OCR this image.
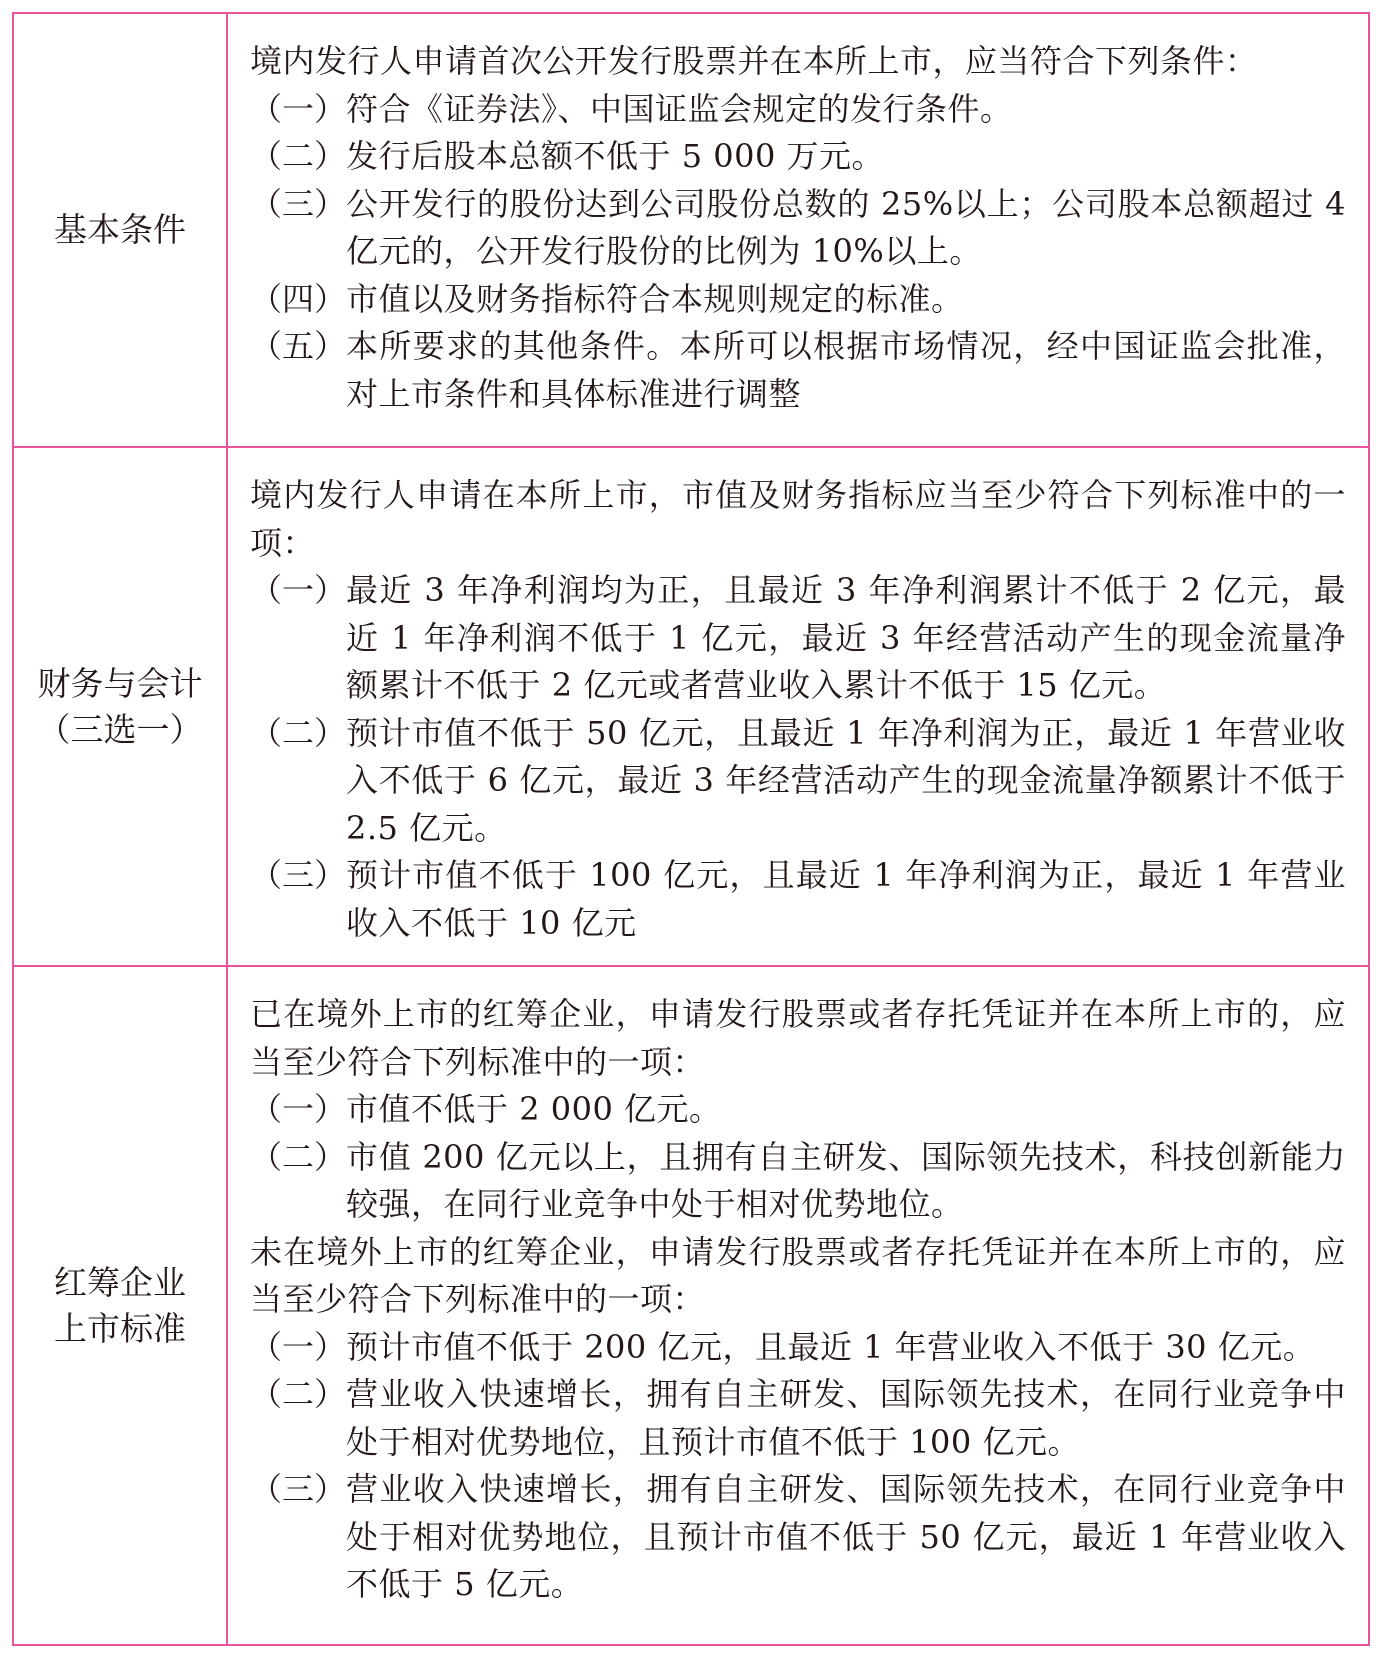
基本条件
境内发行人申请首次公开发行股票并在本所上市，应当符合下列条件：
（一） 符合《证券法》、中国证监会规定的发行条件。
（二） 发行后股本总额不低于 5 000 万元。
（三） 公开发行的股份达到公司股份总数的 25%以上；公司股本总额超过 4 亿元的，公开发行股份的比例为 10%以上。
（四） 市值以及财务指标符合本规则规定的标准。
（五） 本所要求的其他条件。本所可以根据市场情况，经中国证监会批准，对上市条件和具体标准进行调整
财务与会计
（三选一）
境内发行人申请在本所上市，市值及财务指标应当至少符合下列标准中的一项：
（一） 最近 3 年净利润均为正，且最近 3 年净利润累计不低于 2 亿元，最近 1 年净利润不低于 1 亿元，最近 3 年经营活动产生的现金流量净额累计不低于 2 亿元或者营业收入累计不低于 15 亿元。
（二） 预计市值不低于 50 亿元，且最近 1 年净利润为正，最近 1 年营业收入不低于 6 亿元，最近 3 年经营活动产生的现金流量净额累计不低于 2.5 亿元。
（三） 预计市值不低于 100 亿元，且最近 1 年净利润为正，最近 1 年营业收入不低于 10 亿元
红筹企业
上市标准
已在境外上市的红筹企业，申请发行股票或者存托凭证并在本所上市的，应当至少符合下列标准中的一项：
（一） 市值不低于 2 000 亿元。
（二） 市值 200 亿元以上，且拥有自主研发、国际领先技术，科技创新能力较强，在同行业竞争中处于相对优势地位。
未在境外上市的红筹企业，申请发行股票或者存托凭证并在本所上市的，应当至少符合下列标准中的一项：
（一） 预计市值不低于 200 亿元，且最近 1 年营业收入不低于 30 亿元。
（二） 营业收入快速增长，拥有自主研发、国际领先技术，在同行业竞争中处于相对优势地位，且预计市值不低于 100 亿元。
（三） 营业收入快速增长，拥有自主研发、国际领先技术，在同行业竞争中处于相对优势地位，且预计市值不低于 50 亿元，最近 1 年营业收入不低于 5 亿元。
